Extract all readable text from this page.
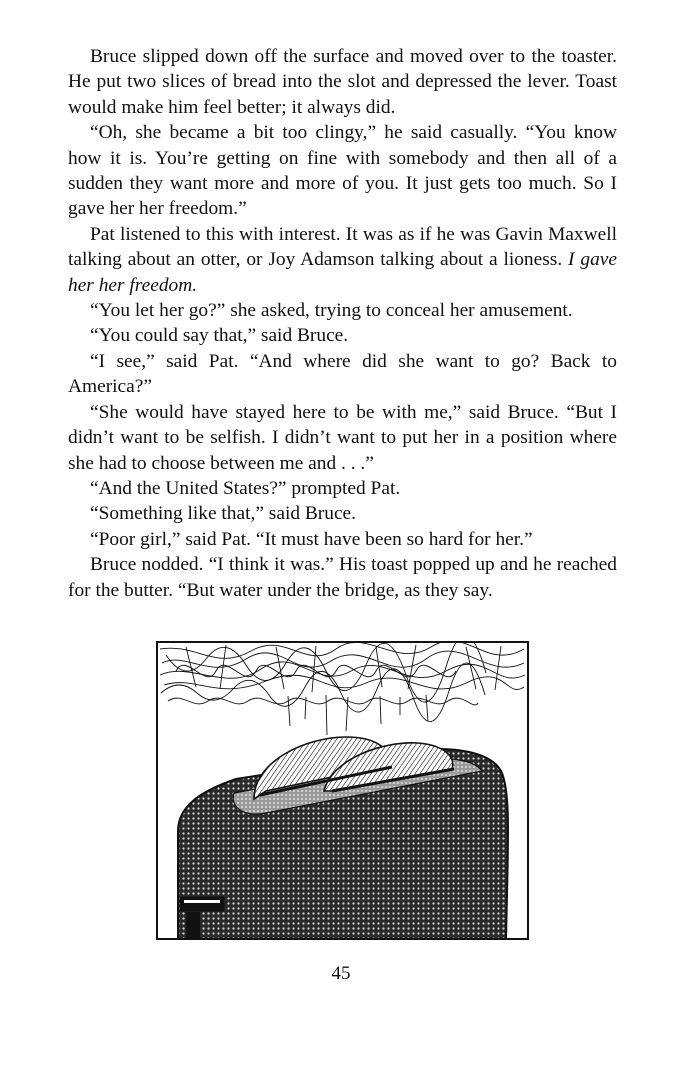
Bruce slipped down off the surface and moved over to the toaster. He put two slices of bread into the slot and depressed the lever. Toast would make him feel better; it always did.

“Oh, she became a bit too clingy,” he said casually. “You know how it is. You’re getting on fine with somebody and then all of a sudden they want more and more of you. It just gets too much. So I gave her her freedom.”

Pat listened to this with interest. It was as if he was Gavin Maxwell talking about an otter, or Joy Adamson talking about a lioness. I gave her her freedom.

“You let her go?” she asked, trying to conceal her amusement.

“You could say that,” said Bruce.

“I see,” said Pat. “And where did she want to go? Back to America?”

“She would have stayed here to be with me,” said Bruce. “But I didn’t want to be selfish. I didn’t want to put her in a position where she had to choose between me and . . .”

“And the United States?” prompted Pat.

“Something like that,” said Bruce.

“Poor girl,” said Pat. “It must have been so hard for her.”

Bruce nodded. “I think it was.” His toast popped up and he reached for the butter. “But water under the bridge, as they say.

45
